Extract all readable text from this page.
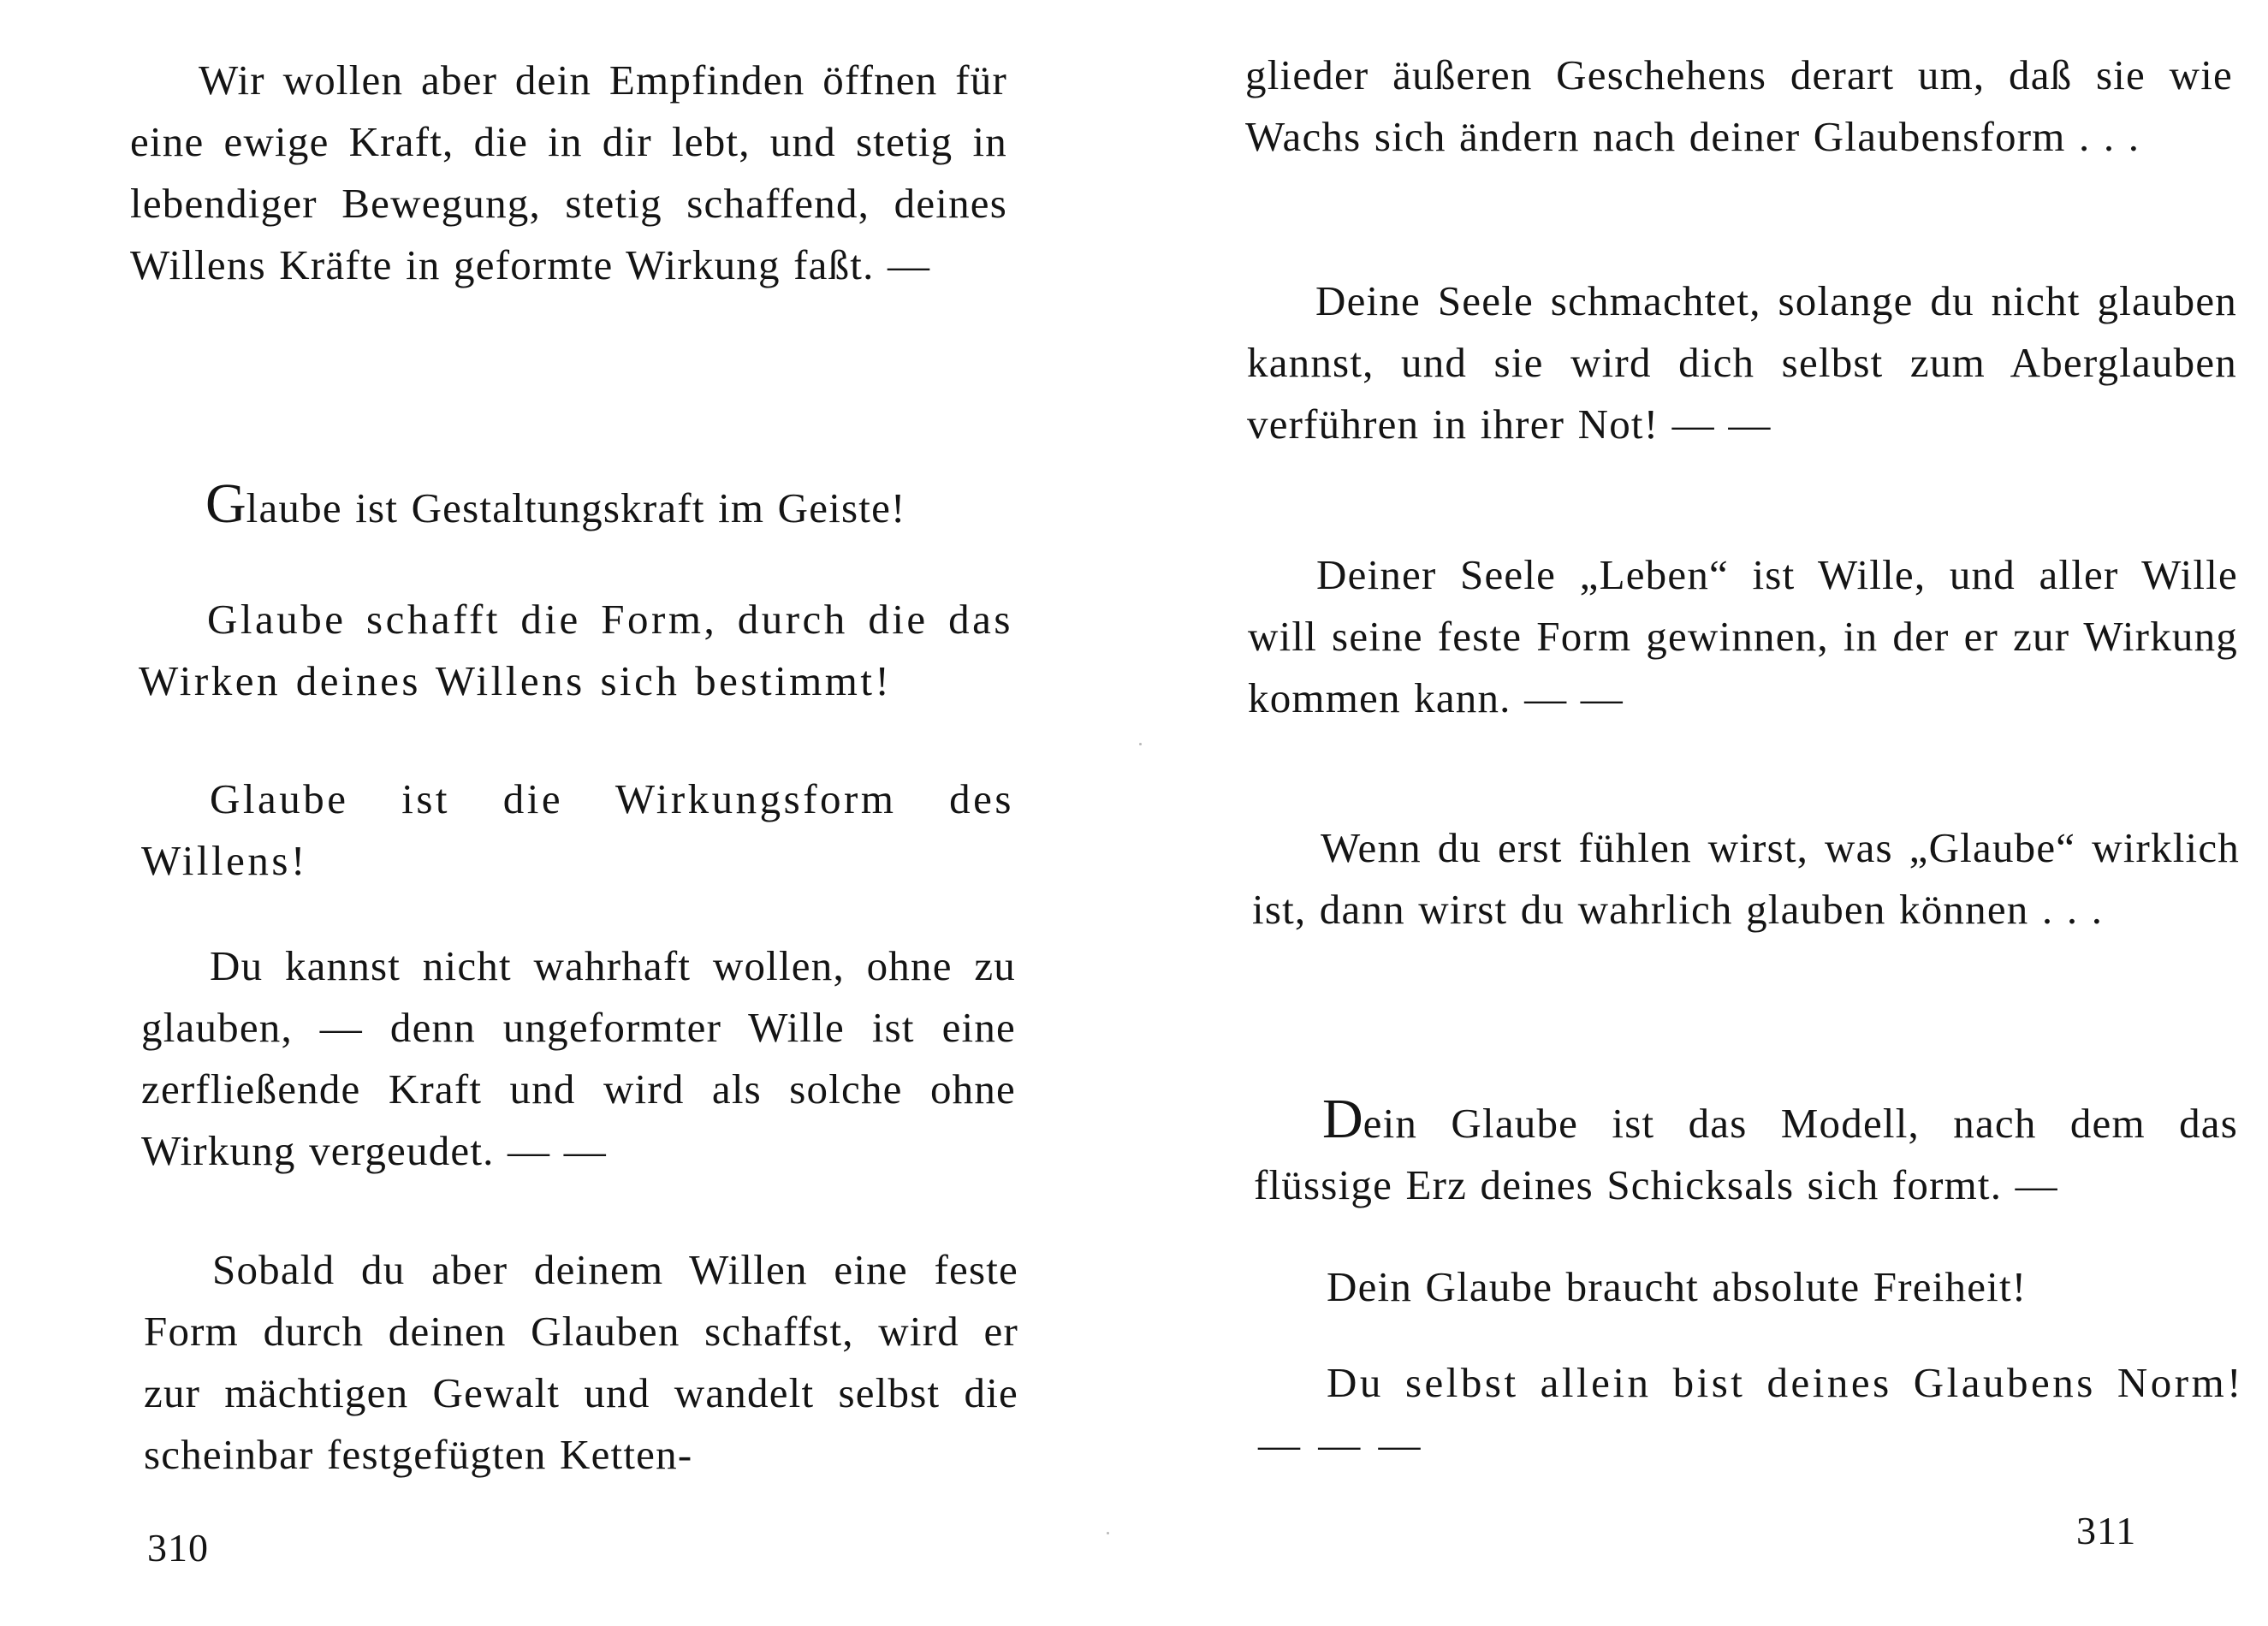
Wir wollen aber dein Empfinden öffnen für eine ewige Kraft, die in dir lebt, und stetig in lebendiger Bewegung, stetig schaffend, deines Willens Kräfte in geformte Wirkung faßt. —

Glaube ist Gestaltungskraft im Geiste!

Glaube schafft die Form, durch die das Wirken deines Willens sich bestimmt!

Glaube ist die Wirkungsform des Willens!

Du kannst nicht wahrhaft wollen, ohne zu glauben, — denn ungeformter Wille ist eine zerfließende Kraft und wird als solche ohne Wirkung vergeudet. — —

Sobald du aber deinem Willen eine feste Form durch deinen Glauben schaffst, wird er zur mächtigen Gewalt und wandelt selbst die scheinbar festgefügten Ketten-

310

glieder äußeren Geschehens derart um, daß sie wie Wachs sich ändern nach deiner Glaubensform . . .

Deine Seele schmachtet, solange du nicht glauben kannst, und sie wird dich selbst zum Aberglauben verführen in ihrer Not! — —

Deiner Seele „Leben“ ist Wille, und aller Wille will seine feste Form gewinnen, in der er zur Wirkung kommen kann. — —

Wenn du erst fühlen wirst, was „Glaube“ wirklich ist, dann wirst du wahrlich glauben können . . .

Dein Glaube ist das Modell, nach dem das flüssige Erz deines Schicksals sich formt. —

Dein Glaube braucht absolute Freiheit!

Du selbst allein bist deines Glaubens Norm! — — —

311
